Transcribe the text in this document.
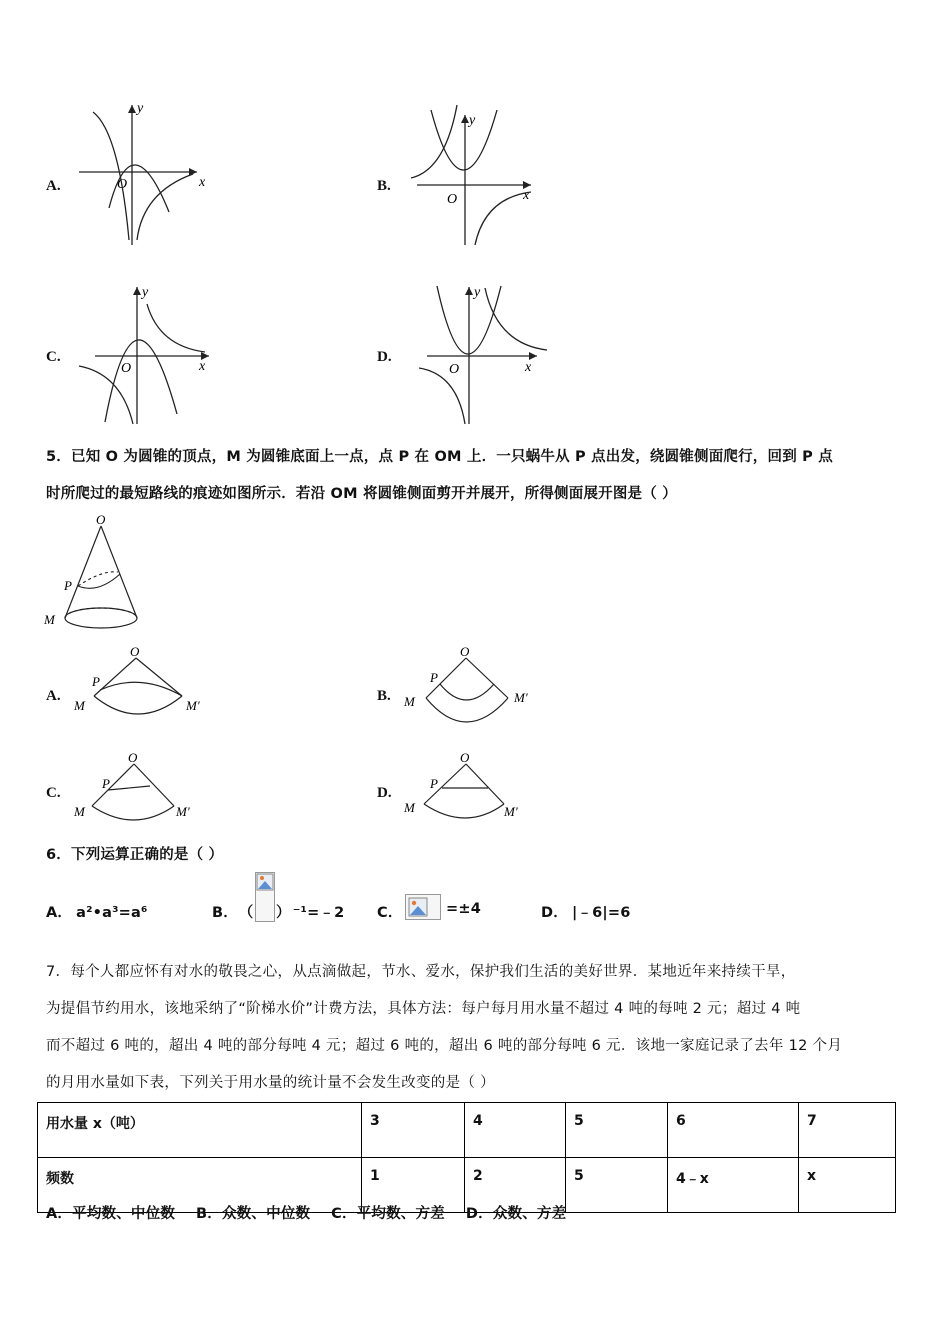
A.	x
y
O	B.
x
y
O
C.
x
y
O
D.
x
y
O
5．已知 O 为圆锥的顶点，M 为圆锥底面上一点，点 P 在 OM 上．一只蜗牛从 P 点出发，绕圆锥侧面爬行，回到 P 点
时所爬过的最短路线的痕迹如图所示．若沿 OM 将圆锥侧面剪开并展开，所得侧面展开图是（ ）
O
P
M
A.
O
P
M	M′
B.
O
P
M	M′
C.
O
P
M	M′
D.
O
P
M	M′
6．下列运算正确的是（ ）
A． a²•a³=a⁶	B． （ ） ⁻¹=﹣2 C．	=±4	D． |﹣6|=6
7．每个人都应怀有对水的敬畏之心，从点滴做起，节水、爱水，保护我们生活的美好世界．某地近年来持续干旱，
为提倡节约用水，该地采纳了“阶梯水价”计费方法，具体方法：每户每月用水量不超过 4 吨的每吨 2 元；超过 4 吨
而不超过 6 吨的，超出 4 吨的部分每吨 4 元；超过 6 吨的，超出 6 吨的部分每吨 6 元．该地一家庭记录了去年 12 个月
的月用水量如下表，下列关于用水量的统计量不会发生改变的是（ ）
用水量 x（吨）	3	4	5	6	7
频数	1	2	5	4﹣x	x
A．平均数、中位数    B．众数、中位数    C．平均数、方差    D．众数、方差
